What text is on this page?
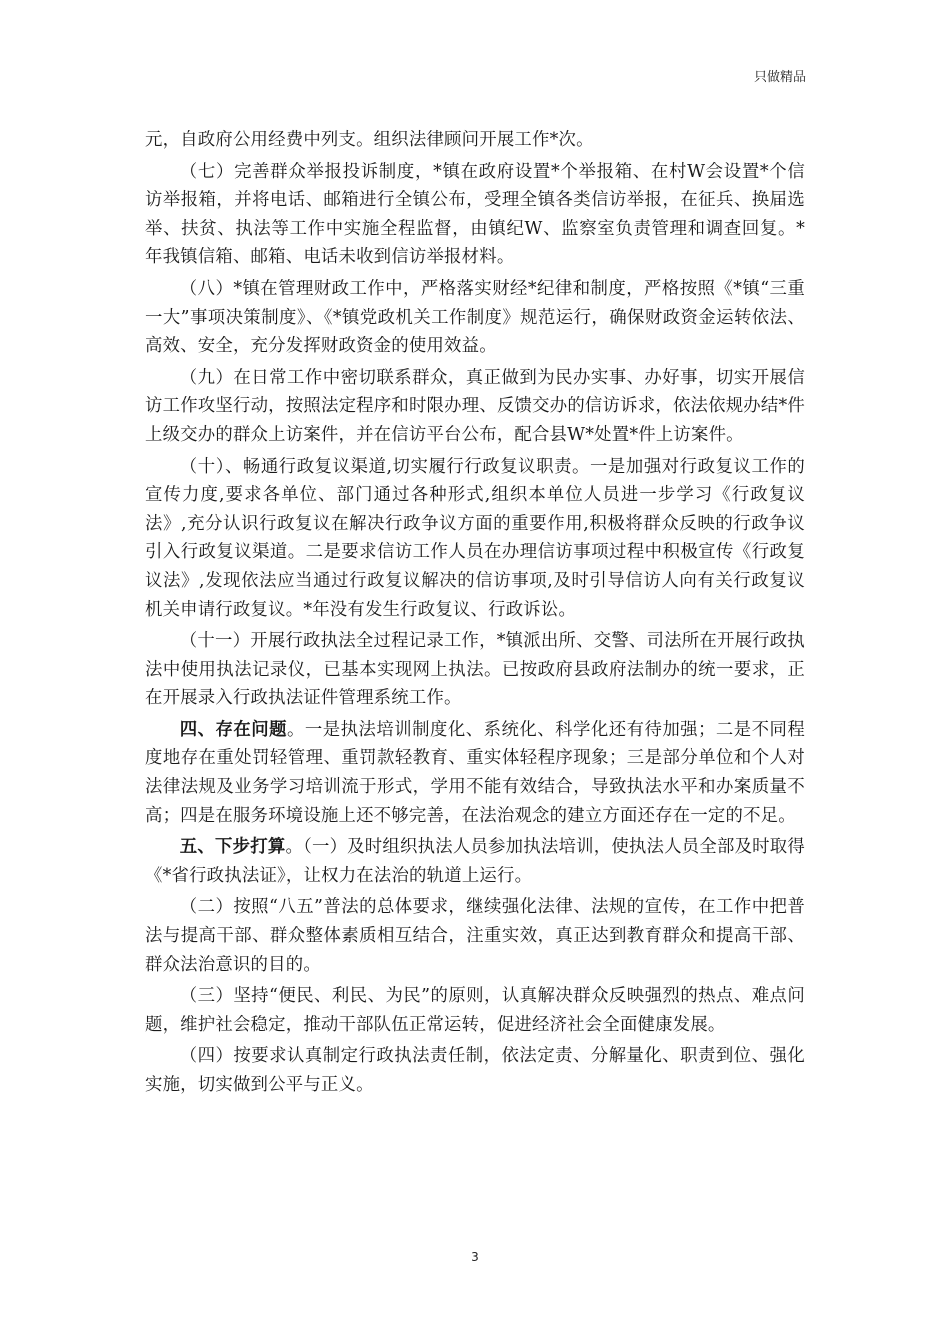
只做精品

元，自政府公用经费中列支。组织法律顾问开展工作*次。

（七）完善群众举报投诉制度，*镇在政府设置*个举报箱、在村W会设置*个信访举报箱，并将电话、邮箱进行全镇公布，受理全镇各类信访举报，在征兵、换届选举、扶贫、执法等工作中实施全程监督，由镇纪W、监察室负责管理和调查回复。*年我镇信箱、邮箱、电话未收到信访举报材料。

（八）*镇在管理财政工作中，严格落实财经*纪律和制度，严格按照《*镇“三重一大”事项决策制度》、《*镇党政机关工作制度》规范运行，确保财政资金运转依法、高效、安全，充分发挥财政资金的使用效益。

（九）在日常工作中密切联系群众，真正做到为民办实事、办好事，切实开展信访工作攻坚行动，按照法定程序和时限办理、反馈交办的信访诉求，依法依规办结*件上级交办的群众上访案件，并在信访平台公布，配合县W*处置*件上访案件。

（十）、畅通行政复议渠道,切实履行行政复议职责。一是加强对行政复议工作的宣传力度,要求各单位、部门通过各种形式,组织本单位人员进一步学习《行政复议法》,充分认识行政复议在解决行政争议方面的重要作用,积极将群众反映的行政争议引入行政复议渠道。二是要求信访工作人员在办理信访事项过程中积极宣传《行政复议法》,发现依法应当通过行政复议解决的信访事项,及时引导信访人向有关行政复议机关申请行政复议。*年没有发生行政复议、行政诉讼。

（十一）开展行政执法全过程记录工作，*镇派出所、交警、司法所在开展行政执法中使用执法记录仪，已基本实现网上执法。已按政府县政府法制办的统一要求，正在开展录入行政执法证件管理系统工作。

四、存在问题。一是执法培训制度化、系统化、科学化还有待加强；二是不同程度地存在重处罚轻管理、重罚款轻教育、重实体轻程序现象；三是部分单位和个人对法律法规及业务学习培训流于形式，学用不能有效结合，导致执法水平和办案质量不高；四是在服务环境设施上还不够完善，在法治观念的建立方面还存在一定的不足。

五、下步打算。（一）及时组织执法人员参加执法培训，使执法人员全部及时取得《*省行政执法证》，让权力在法治的轨道上运行。

（二）按照“八五”普法的总体要求，继续强化法律、法规的宣传，在工作中把普法与提高干部、群众整体素质相互结合，注重实效，真正达到教育群众和提高干部、群众法治意识的目的。

（三）坚持“便民、利民、为民”的原则，认真解决群众反映强烈的热点、难点问题，维护社会稳定，推动干部队伍正常运转，促进经济社会全面健康发展。

（四）按要求认真制定行政执法责任制，依法定责、分解量化、职责到位、强化实施，切实做到公平与正义。

3
